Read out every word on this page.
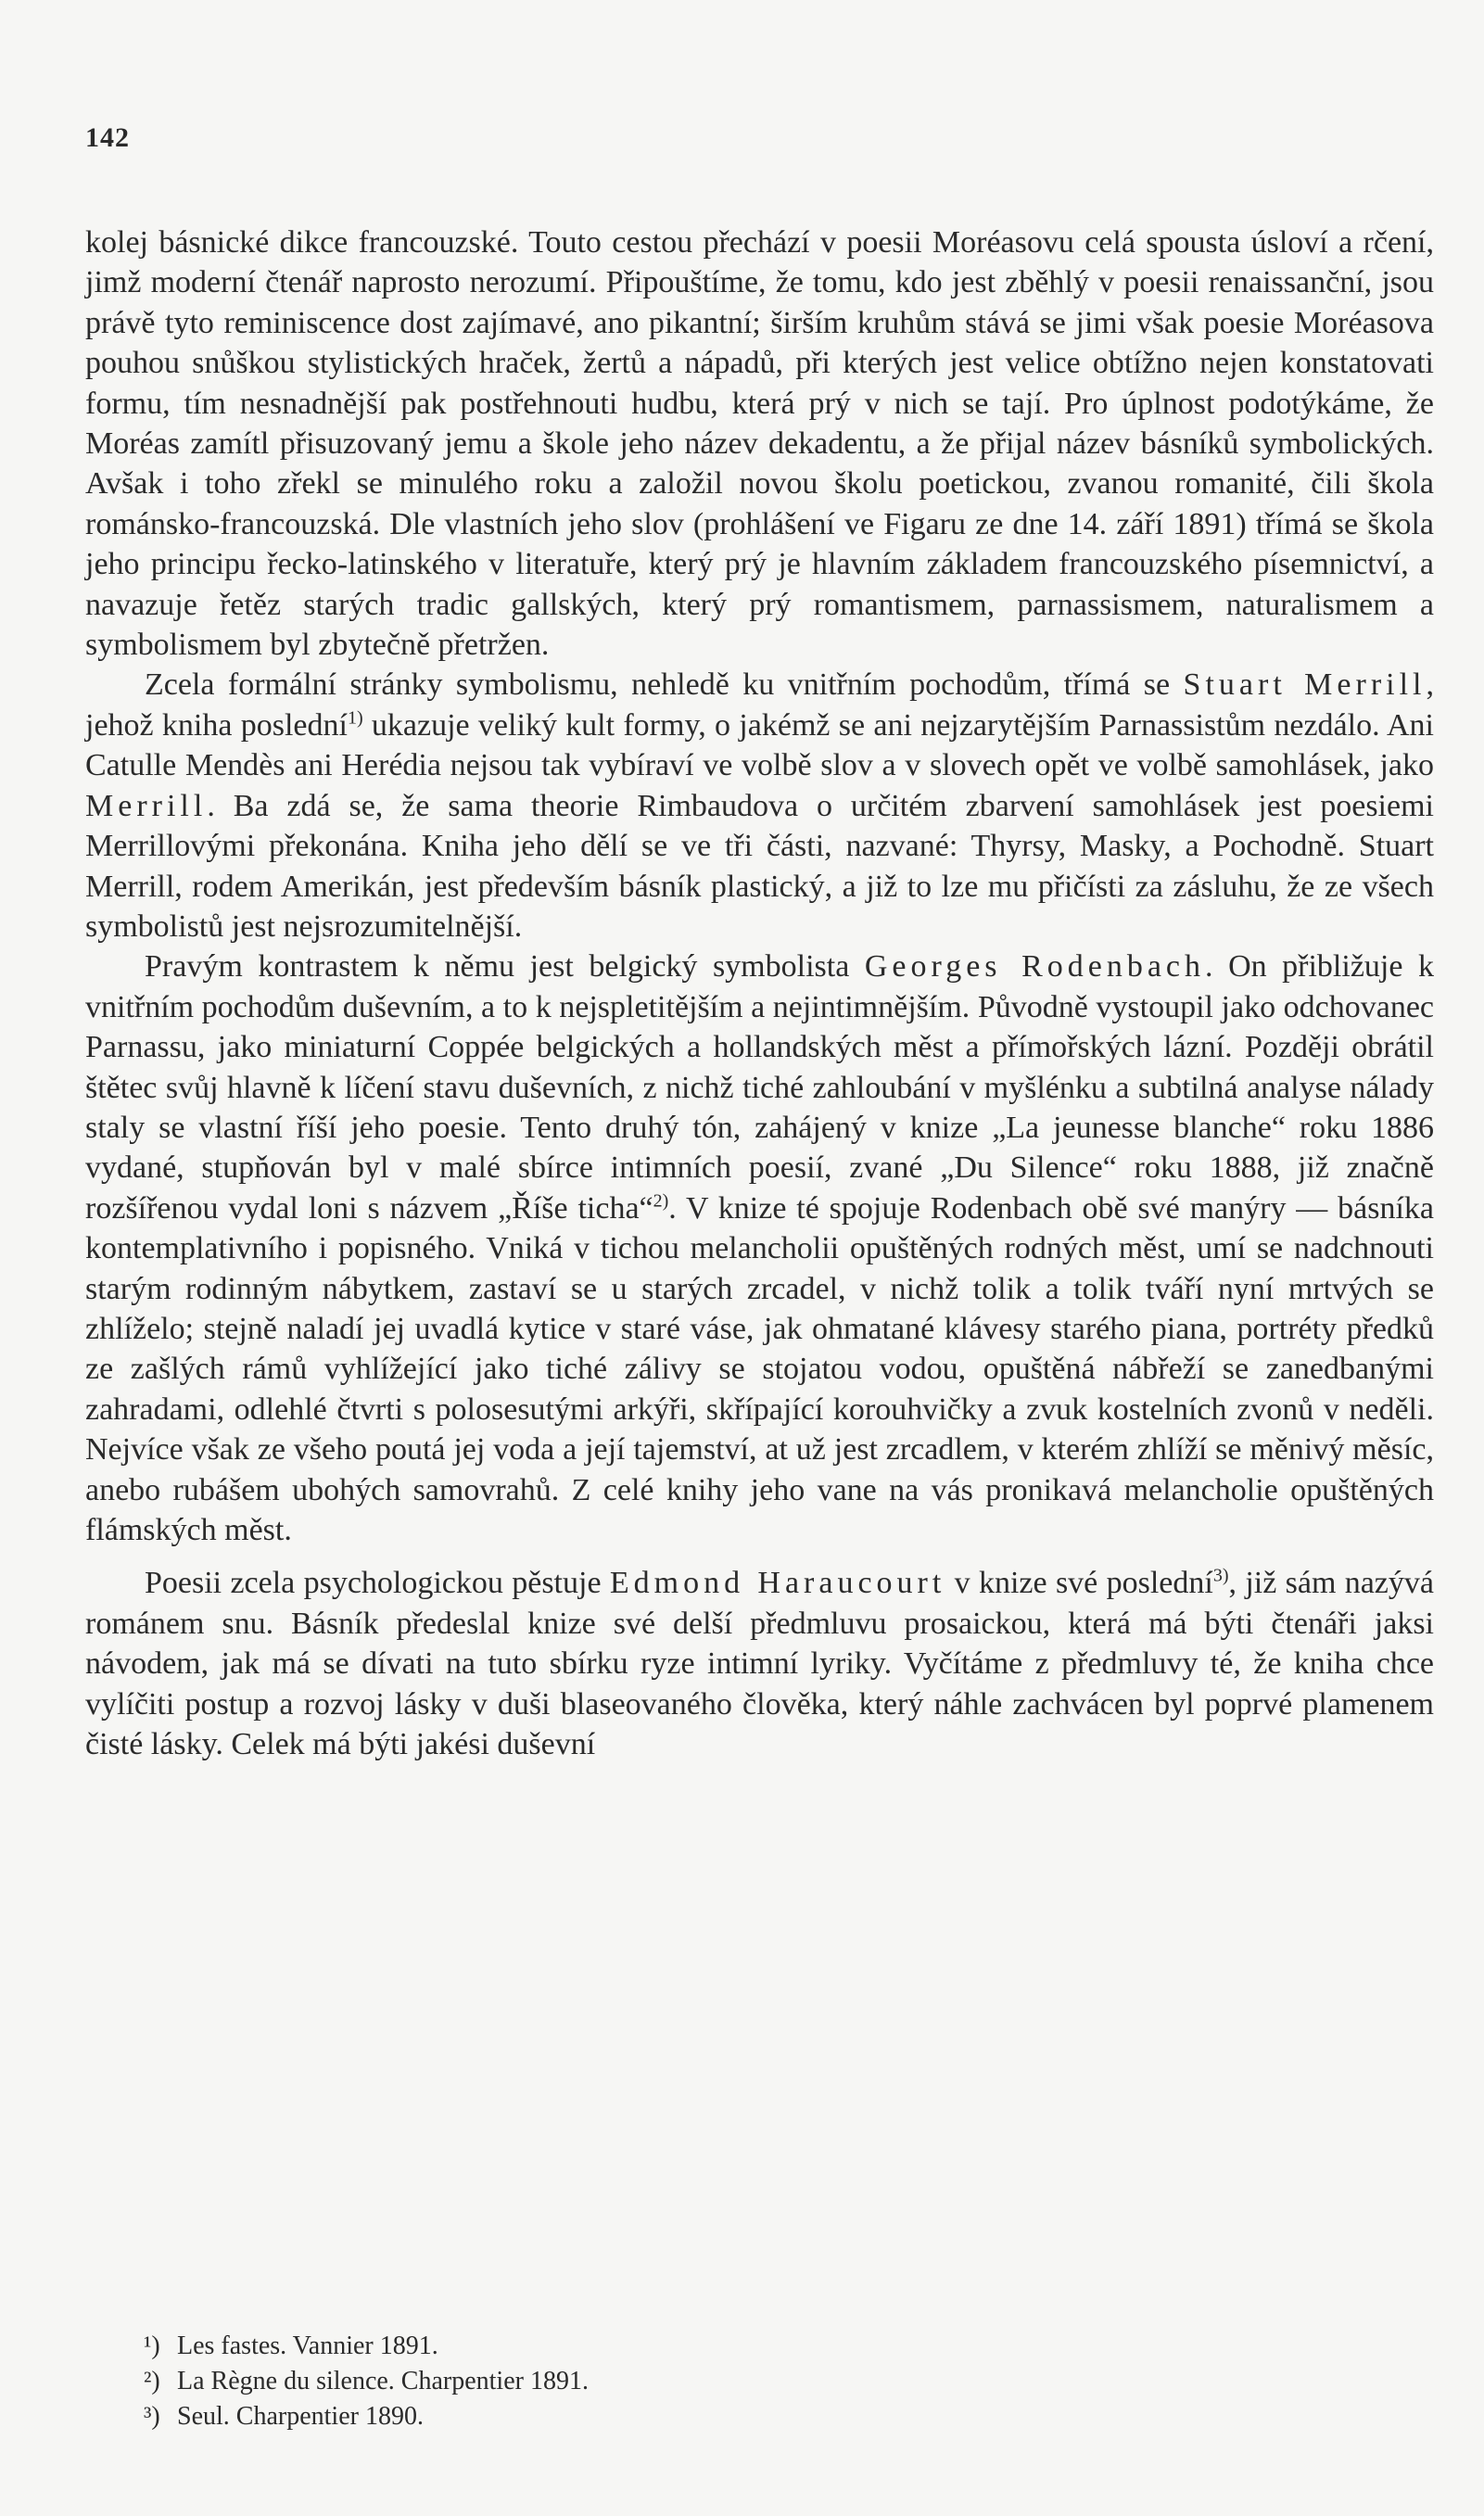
142

kolej básnické dikce francouzské. Touto cestou přechází v poesii Moréasovu celá spousta úsloví a rčení, jimž moderní čtenář naprosto nerozumí. Připouštíme, že tomu, kdo jest zběhlý v poesii renaissanční, jsou právě tyto reminiscence dost zajímavé, ano pikantní; širším kruhům stává se jimi však poesie Moréasova pouhou snůškou stylistických hraček, žertů a nápadů, při kterých jest velice obtížno nejen konstatovati formu, tím nesnadnější pak postřehnouti hudbu, která prý v nich se tají. Pro úplnost podotýkáme, že Moréas zamítl přisuzovaný jemu a škole jeho název dekadentu, a že přijal název básníků symbolických. Avšak i toho zřekl se minulého roku a založil novou školu poetickou, zvanou romanité, čili škola románsko-francouzská. Dle vlastních jeho slov (prohlášení ve Figaru ze dne 14. září 1891) třímá se škola jeho principu řecko-latinského v literatuře, který prý je hlavním základem francouzského písemnictví, a navazuje řetěz starých tradic gallských, který prý romantismem, parnassismem, naturalismem a symbolismem byl zbytečně přetržen.

Zcela formální stránky symbolismu, nehledě ku vnitřním pochodům, třímá se Stuart Merrill, jehož kniha poslední$^{1)}$ ukazuje veliký kult formy, o jakémž se ani nejzarytějším Parnassistům nezdálo. Ani Catulle Mendès ani Herédia nejsou tak vybíraví ve volbě slov a v slovech opět ve volbě samohlásek, jako Merrill. Ba zdá se, že sama theorie Rimbaudova o určitém zbarvení samohlásek jest poesiemi Merrillovými překonána. Kniha jeho dělí se ve tři části, nazvané: Thyrsy, Masky, a Pochodně. Stuart Merrill, rodem Amerikán, jest především básník plastický, a již to lze mu přičísti za zásluhu, že ze všech symbolistů jest nejsrozumitelnější.

Pravým kontrastem k němu jest belgický symbolista Georges Rodenbach. On přibližuje k vnitřním pochodům duševním, a to k nejspletitějším a nejintimnějším. Původně vystoupil jako odchovanec Parnassu, jako miniaturní Coppée belgických a hollandských měst a přímořských lázní. Později obrátil štětec svůj hlavně k líčení stavu duševních, z nichž tiché zahloubání v myšlénku a subtilná analyse nálady staly se vlastní říší jeho poesie. Tento druhý tón, zahájený v knize „La jeunesse blanche“ roku 1886 vydané, stupňován byl v malé sbírce intimních poesií, zvané „Du Silence“ roku 1888, již značně rozšířenou vydal loni s názvem „Říše ticha“$^{2)}$. V knize té spojuje Rodenbach obě své manýry — básníka kontemplativního i popisného. Vniká v tichou melancholii opuštěných rodných měst, umí se nadchnouti starým rodinným nábytkem, zastaví se u starých zrcadel, v nichž tolik a tolik tváří nyní mrtvých se zhlíželo; stejně naladí jej uvadlá kytice v staré váse, jak ohmatané klávesy starého piana, portréty předků ze zašlých rámů vyhlížející jako tiché zálivy se stojatou vodou, opuštěná nábřeží se zanedbanými zahradami, odlehlé čtvrti s polosesutými arkýři, skřípající korouhvičky a zvuk kostelních zvonů v neděli. Nejvíce však ze všeho poutá jej voda a její tajemství, at už jest zrcadlem, v kterém zhlíží se měnivý měsíc, anebo rubášem ubohých samovrahů. Z celé knihy jeho vane na vás pronikavá melancholie opuštěných flámských měst.

Poesii zcela psychologickou pěstuje Edmond Haraucourt v knize své poslední$^{3)}$, již sám nazývá románem snu. Básník předeslal knize své delší předmluvu prosaickou, která má býti čtenáři jaksi návodem, jak má se dívati na tuto sbírku ryze intimní lyriky. Vyčítáme z předmluvy té, že kniha chce vylíčiti postup a rozvoj lásky v duši blaseovaného člověka, který náhle zachvácen byl poprvé plamenem čisté lásky. Celek má býti jakési duševní

¹) Les fastes. Vannier 1891.
²) La Règne du silence. Charpentier 1891.
³) Seul. Charpentier 1890.
